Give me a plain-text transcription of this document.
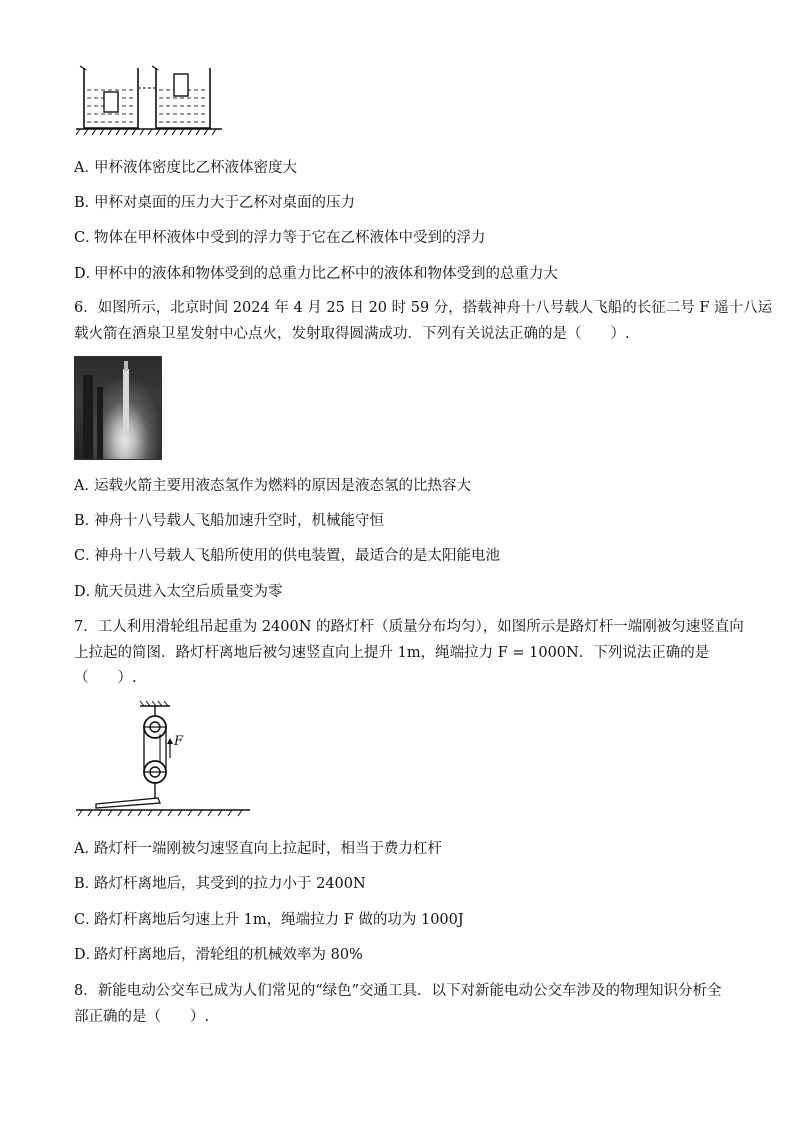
A．甲杯液体密度比乙杯液体密度大
B．甲杯对桌面的压力大于乙杯对桌面的压力
C．物体在甲杯液体中受到的浮力等于它在乙杯液体中受到的浮力
D．甲杯中的液体和物体受到的总重力比乙杯中的液体和物体受到的总重力大
6．如图所示，北京时间 2024 年 4 月 25 日 20 时 59 分，搭载神舟十八号载人飞船的长征二号 F 遥十八运
载火箭在酒泉卫星发射中心点火，发射取得圆满成功．下列有关说法正确的是（　　）.
A．运载火箭主要用液态氢作为燃料的原因是液态氢的比热容大
B．神舟十八号载人飞船加速升空时，机械能守恒
C．神舟十八号载人飞船所使用的供电装置，最适合的是太阳能电池
D．航天员进入太空后质量变为零
7．工人利用滑轮组吊起重为 2400N 的路灯杆（质量分布均匀），如图所示是路灯杆一端刚被匀速竖直向
上拉起的简图．路灯杆离地后被匀速竖直向上提升 1m，绳端拉力 F = 1000N．下列说法正确的是
（　　）.
F
A．路灯杆一端刚被匀速竖直向上拉起时，相当于费力杠杆
B．路灯杆离地后，其受到的拉力小于 2400N
C．路灯杆离地后匀速上升 1m，绳端拉力 F 做的功为 1000J
D．路灯杆离地后，滑轮组的机械效率为 80%
8．新能电动公交车已成为人们常见的“绿色”交通工具．以下对新能电动公交车涉及的物理知识分析全
部正确的是（　　）.
